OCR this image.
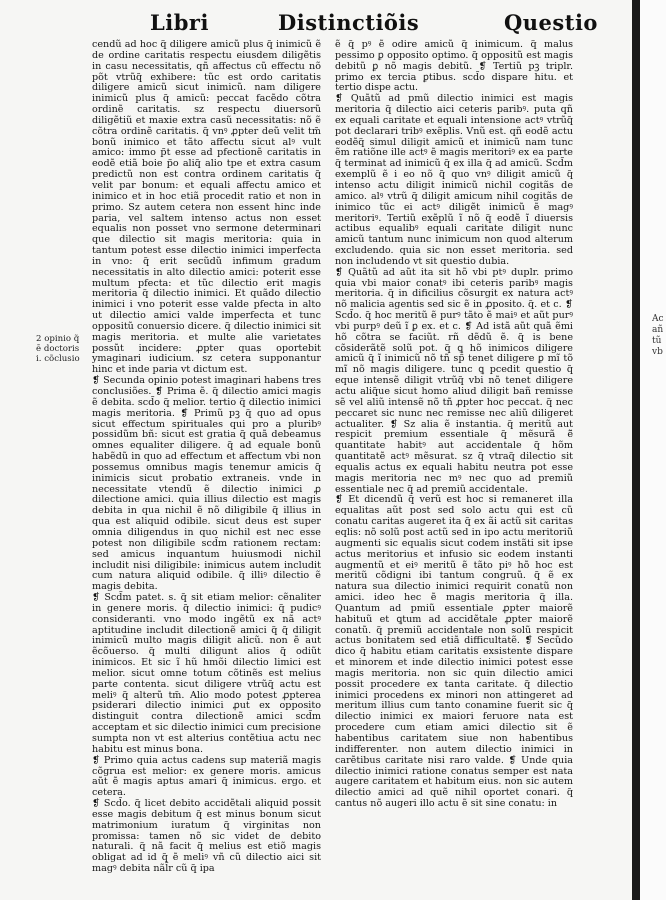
Libri	Distinctiõis	Questio
2 opinio q̃
ē doctoris
i. cõclusio

cendũ ad hoc q̃ diligere amicũ plus q̃ inimicũ ẽ de ordine caritatis respectu eiusdem diligẽtis in casu necessitatis, qñ affectus cũ effectu nõ põt vtrũq̃ exhibere: tũc est ordo caritatis diligere amicũ sicut inimicũ. nam diligere inimicũ plus q̃ amicũ: peccat facẽdo cõtra ordinẽ caritatis. sz respectu diuersorũ diligẽtiũ et maxie extra casũ necessitatis: nõ ẽ cõtra ordinẽ caritatis. q̃ vnꝰ ꝓpter deũ velit tm̃ bonũ inimico et tãto affectu sicut alꝰ vult amico: immo p̃t esse ad pfectionẽ caritatis in eodẽ etiã boie p̃o aliq̃ alio tpe et extra casum predictũ non est contra ordinem caritatis q̃ velit par bonum: et equali affectu amico et inimico et in hoc etiã procedit ratio et non in primo. Sz autem cetera non essent hinc inde paria, vel saltem intenso actus non esset equalis non posset vno sermone determinari que dilectio sit magis meritoria: quia in tantum potest esse dilectio inimici imperfecta in vno: q̃ erit secũdũ infimum gradum necessitatis in alto dilectio amici: poterit esse multum pfecta: et tũc dilectio erit magis meritoria q̃ dilectio inimici. Et quãdo dilectio inimici i vno poterit esse valde pfecta in alto ut dilectio amici valde imperfecta et tunc oppositũ conuersio dicere. q̃ dilectio inimici sit magis meritoria. et multe alie varietates possũt incidere: ꝓpter quas oportebit ymaginari iudicium. sz cetera supponantur hinc et inde paria vt dictum est.

❡ Secunda opinio potest imaginari habens tres conclusiões. ❡ Prima ẽ. q̃ dilectio amici magis ẽ debita. scd̃o q̃ melior. tertio q̃ dilectio inimici magis meritoria. ❡ Primũ pꝫ q̃ quo ad opus sicut effectum spirituales qui pro a pluribꝰ possidũm bñ: sicut est gratia q̃ quã debeamus omnes equaliter diligere. q̃ ad equale bonũ habẽdũ in quo ad effectum et affectum vbi non possemus omnibus magis tenemur amicis q̃ inimicis sicut probatio extraneis. vnde in necessitate vtendũ ẽ dilectio inimici ꝓ dilectione amici. quia illius dilectio est magis debita in qua nichil ẽ nõ diligibile q̃ illius in qua est aliquid odibile. sicut deus est super omnia diligendus in quo nichil est nec esse potest non diligibile scd̃m rationem rectam: sed amicus inquantum huiusmodi nichil includit nisi diligibile: inimicus autem includit cum natura aliquid odibile. q̃ illiꝰ dilectio ẽ magis debita.

❡ Scd̃m patet. s. q̃ sit etiam melior: cẽnaliter in genere moris. q̃ dilectio inimici: q̃ pudicꝰ consideranti. vno modo ingẽtũ ex nã actꝰ aptitudine includit dilectionẽ amici q̃ q̃ diligit inimicũ multo magis diligit alicũ. non ẽ aut ẽcõuerso. q̃ multi diligunt alios q̃ odiũt inimicos. Et sic ĩ hũ hmõi dilectio limici est melior. sicut omne totum cõtinẽs est melius parte contenta. sicut diligere vtrũq̃ actu est meliꝰ q̃ alterũ tm̃. Alio modo potest ꝓpterea psiderari dilectio inimici ꝓut ex opposito distinguit contra dilectionẽ amici scd̃m acceptam et sic dilectio inimici cum precisione sumpta non vt est alterius contẽtiua actu nec habitu est minus bona.

❡ Primo quia actus cadens sup materiã magis cõgrua est melior: ex genere moris. amicus aũt ẽ magis aptus amari q̃ inimicus. ergo. et cetera.

❡ Scd̃o. q̃ licet debito accidẽtali aliquid possit esse magis debitum q̃ est minus bonum sicut matrimonium iuratum q̃ virginitas non promissa: tamen nõ sic videt de debito naturali. q̃ nã facit q̃ melius est etiõ magis obligat ad id q̃ ẽ meliꝰ vñ cũ dilectio aici sit magꝰ debita nãl̃r cũ q̃ ipa

ẽ q̃ pꝰ ẽ odire amicũ q̃ inimicum. q̃ malus pessimo ꝑ opposito optimo. q̃ oppositũ est magis debitũ ꝑ nõ magis debitũ. ❡ Tertiũ pꝫ triplr. primo ex tercia ꝑtibus. scd̃o dispare hitu. et tertio dispe actu.

❡ Quãtũ ad pmũ dilectio inimici est magis meritoria q̃ dilectio aici ceteris paribꝰ. puta qñ ex equali caritate et equali intensione actꝰ vtrũq̃ pot declarari tribꝰ exẽplis. Vnũ est. qñ eodẽ actu eodẽq̃ simul diligit amicũ et inimicũ nam tunc ẽm ratiõne ille actꝰ ẽ magis meritoriꝰ ex ea parte q̃ terminat ad inimicũ q̃ ex illa q̃ ad amicũ. Scd̃m exemplũ ẽ i eo nõ q̃ quo vnꝰ diligit amicũ q̃ intenso actu diligit inimicũ nichil cogitãs de amico. alꝰ vtrũ q̃ diligit amicum nihil cogitãs de inimico tũc ei actꝰ diligẽt inimicũ ẽ magꝰ meritoriꝰ. Tertiũ exẽplũ ĩ nõ q̃ eodẽ ĩ diuersis actibus equalibꝰ equali caritate diligit nunc amicũ tantum nunc inimicum non quod alterum excludendo. quia sic non esset meritoria. sed non includendo vt sit questio dubia.

❡ Quãtũ ad aũt ita sit hõ vbi ptꝰ duplr. primo quia vbi maior conatꝰ ibi ceteris paribꝰ magis meritoria. q̃ in dificilius cõsurgit ex natura actꝰ nõ malicia agentis sed sic ẽ in ꝓposito. q̃. et c. ❡ Scd̃o. q̃ hoc meritũ ẽ purꝰ tãto ẽ maiꝰ et aũt purꝰ vbi purpꝰ deũ ĩ ꝑ ex. et c. ❡ Ad istã aũt quã ẽmi hõ cõtra se faciũt. rñ dẽdũ ẽ. q̃ is bene cõsiderãtẽ solũ pot. q̃ ꝗ hõ inimicos diligere amicũ q̃ ĩ inimicũ nõ tñ sp̃ tenet diligere ꝑ mĩ tõ mĩ nõ magis diligere. tunc ꝗ pcedit questio q̃ eque intensẽ diligit vtrũq̃ vbi nõ tenet diligere actu aliq̃ue sicut homo aliud diligit bañ remisse sẽ vel aliũ intensẽ nõ tñ ꝓpter hoc peccat. q̃ nec peccaret sic nunc nec remisse nec aliũ diligeret actualiter. ❡ Sz alia ẽ instantia. q̃ meritũ aut respicit premium essentiale q̃ mẽsurã ẽ̃ quantitate habitꝰ aut accidentale q̃ hõm quantitatẽ actꝰ mẽsurat. sz q̃ vtraq̃ dilectio sit equalis actus ex equali habitu neutra pot esse magis meritoria nec mꝰ nec quo ad premiũ essentiale nec q̃ ad premiũ accidentale.

❡ Et dicendũ q̃ verũ est hoc si remaneret illa equalitas aũt post sed solo actu qui est cũ conatu caritas augeret ita q̃ ex ãi actũ sit caritas eqlis: nõ solũ post actũ sed in ipo actu meritoriũ augmenti sic equalis sicut codem instãti sit ipse actus meritorius et infusio sic eodem instanti augmentũ et eiꝰ meritũ ẽ tãto piꝰ hõ hoc est meritũ cõdigni ibi tantum congruũ. q̃ ẽ ex natura sua dilectio inimici requirit conatũ non amici. ideo hec ẽ magis meritoria q̃ illa. Quantum ad pmiũ essentiale ꝓpter maiorẽ habituũ et ꝗtum ad accidẽtale ꝓpter maiorẽ conatũ. q̃ premiũ accidentale non solũ respicit actus bonitatem sed etiã difficultatẽ. ❡ Secũdo dico q̃ habitu etiam caritatis exsistente dispare et minorem et inde dilectio inimici potest esse magis meritoria. non sic quin dilectio amici possit procedere ex tanta caritate. q̃ dilectio inimici procedens ex minori non attingeret ad meritum illius cum tanto conamine fuerit sic q̃ dilectio inimici ex maiori feruore nata est procedere cum etiam amici dilectio sit ẽ habentibus caritatem siue non habentibus indifferenter. non autem dilectio inimici in carẽtibus caritate nisi raro valde. ❡ Unde quia dilectio inimici ratione conatus semper est nata augere caritatem et habitum eius. non sic autem dilectio amici ad quẽ nihil oportet conari. q̃ cantus nõ augeri illo actu ẽ sit sine conatu: in

Ac
añ
tũ
vb
